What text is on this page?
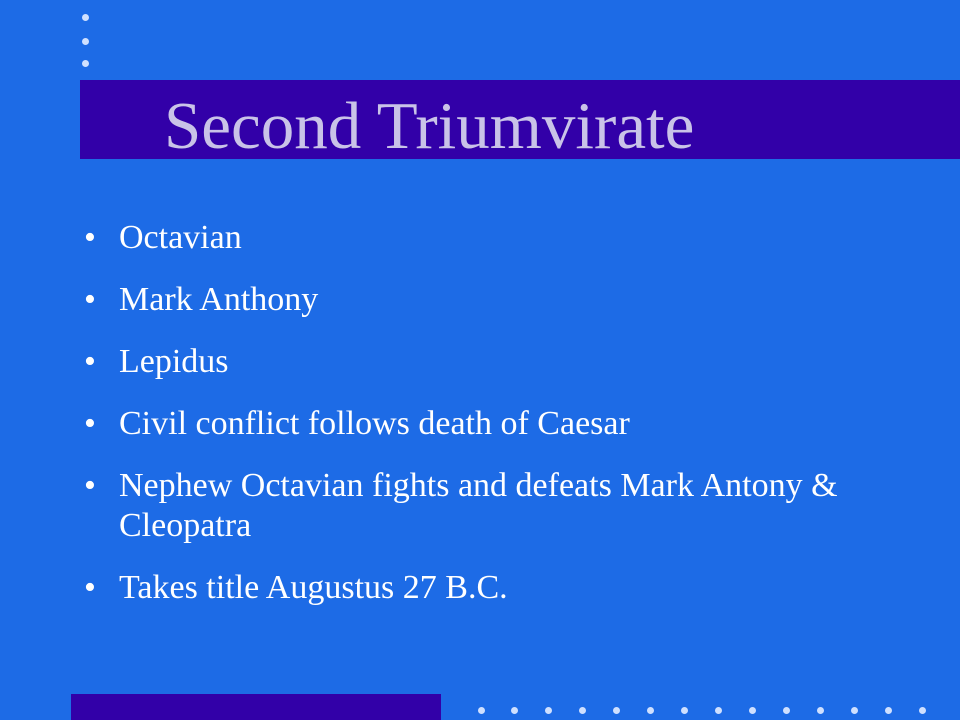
Second Triumvirate
• Octavian
• Mark Anthony
• Lepidus
• Civil conflict follows death of Caesar
• Nephew Octavian fights and defeats Mark Antony & Cleopatra
• Takes title Augustus 27 B.C.
